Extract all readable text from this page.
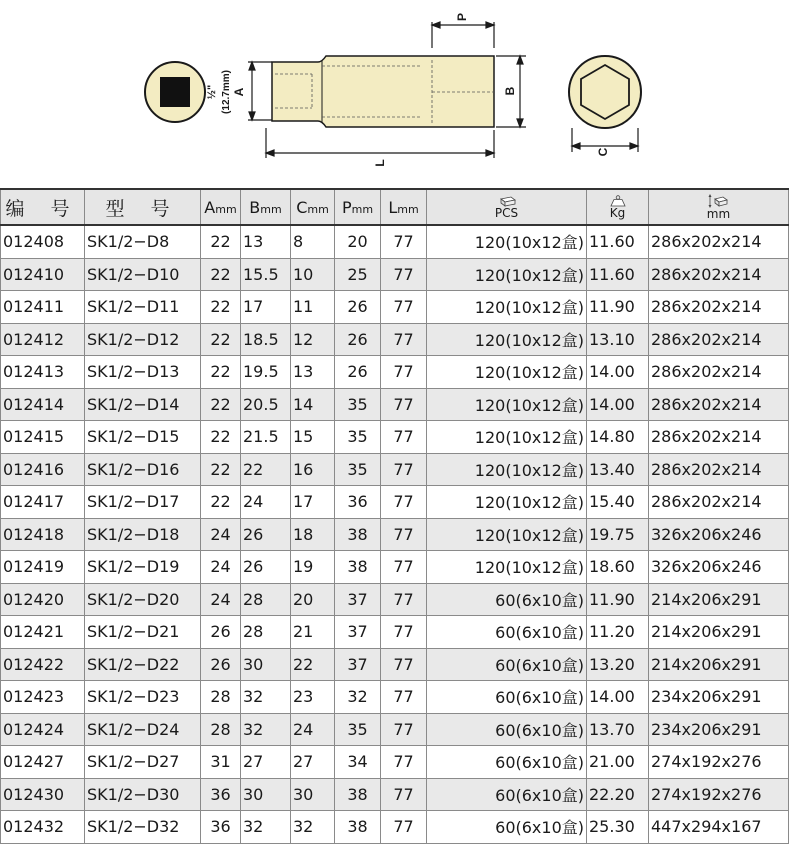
½" (12.7mm) A
P
B
L
C
编 号	型 号	Amm	Bmm	Cmm	Pmm	Lmm	PCS	Kg	mm
012408	SK1/2−D8	22	13	8	20	77	120(10x12盒)	11.60	286x202x214
012410	SK1/2−D10	22	15.5	10	25	77	120(10x12盒)	11.60	286x202x214
012411	SK1/2−D11	22	17	11	26	77	120(10x12盒)	11.90	286x202x214
012412	SK1/2−D12	22	18.5	12	26	77	120(10x12盒)	13.10	286x202x214
012413	SK1/2−D13	22	19.5	13	26	77	120(10x12盒)	14.00	286x202x214
012414	SK1/2−D14	22	20.5	14	35	77	120(10x12盒)	14.00	286x202x214
012415	SK1/2−D15	22	21.5	15	35	77	120(10x12盒)	14.80	286x202x214
012416	SK1/2−D16	22	22	16	35	77	120(10x12盒)	13.40	286x202x214
012417	SK1/2−D17	22	24	17	36	77	120(10x12盒)	15.40	286x202x214
012418	SK1/2−D18	24	26	18	38	77	120(10x12盒)	19.75	326x206x246
012419	SK1/2−D19	24	26	19	38	77	120(10x12盒)	18.60	326x206x246
012420	SK1/2−D20	24	28	20	37	77	60(6x10盒)	11.90	214x206x291
012421	SK1/2−D21	26	28	21	37	77	60(6x10盒)	11.20	214x206x291
012422	SK1/2−D22	26	30	22	37	77	60(6x10盒)	13.20	214x206x291
012423	SK1/2−D23	28	32	23	32	77	60(6x10盒)	14.00	234x206x291
012424	SK1/2−D24	28	32	24	35	77	60(6x10盒)	13.70	234x206x291
012427	SK1/2−D27	31	27	27	34	77	60(6x10盒)	21.00	274x192x276
012430	SK1/2−D30	36	30	30	38	77	60(6x10盒)	22.20	274x192x276
012432	SK1/2−D32	36	32	32	38	77	60(6x10盒)	25.30	447x294x167
